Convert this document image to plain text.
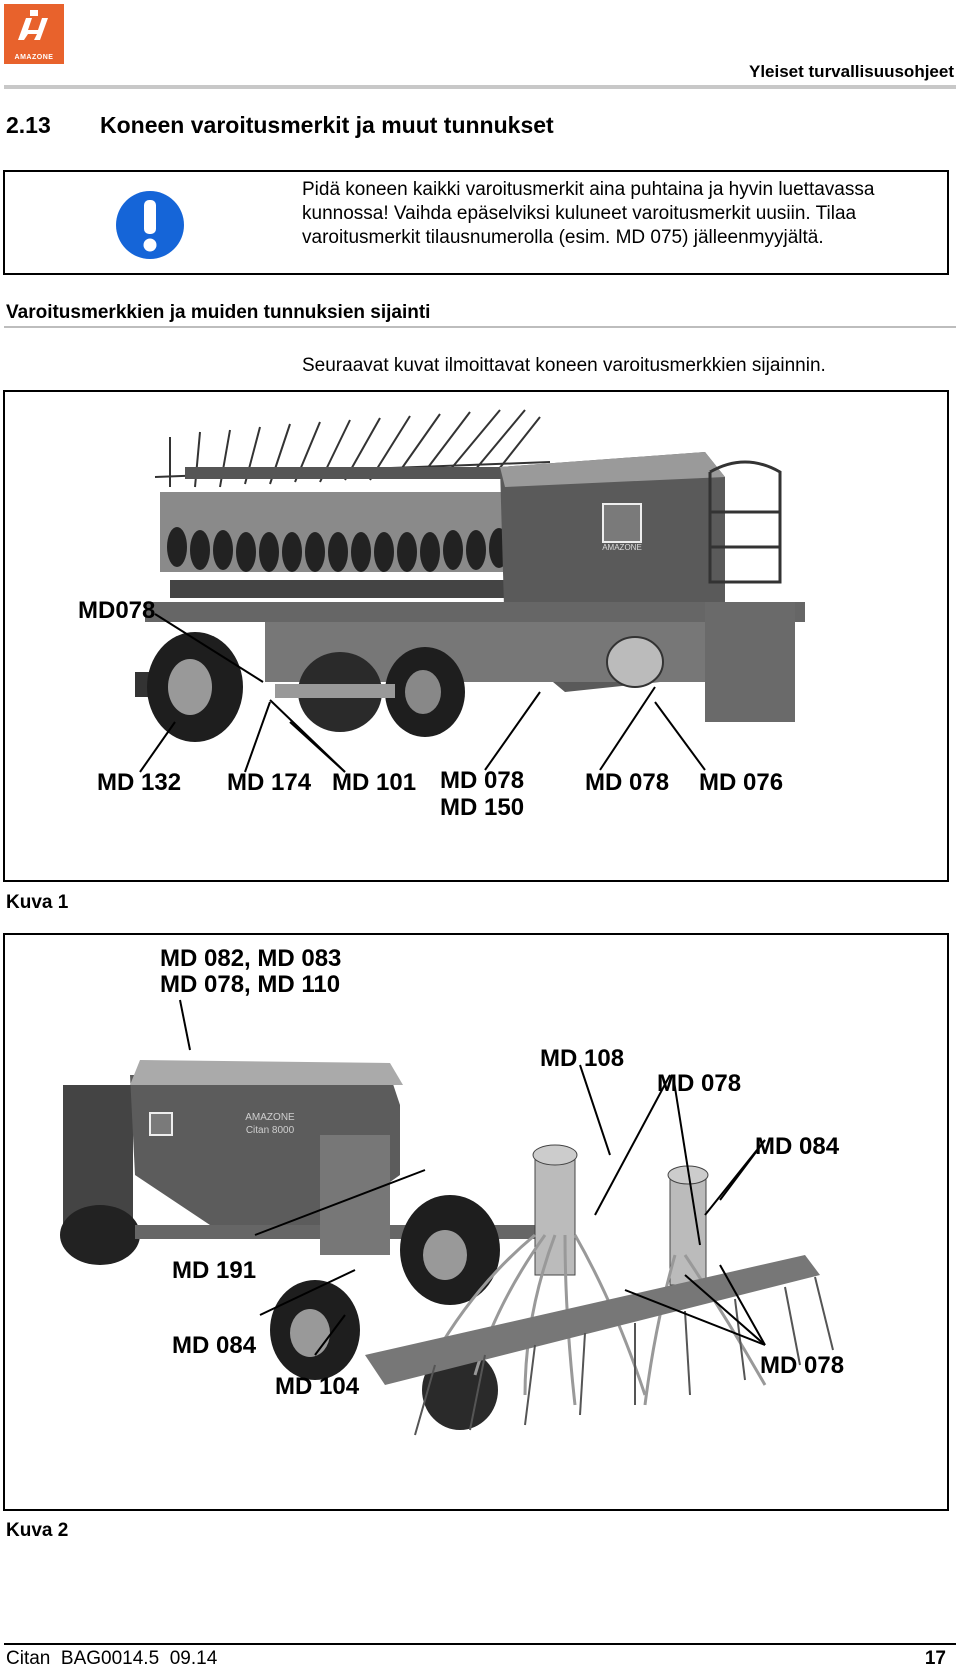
AMAZONE
Yleiset turvallisuusohjeet
2.13 Koneen varoitusmerkit ja muut tunnukset
Pidä koneen kaikki varoitusmerkit aina puhtaina ja hyvin luettavassa
kunnossa! Vaihda epäselviksi kuluneet varoitusmerkit uusiin. Tilaa
varoitusmerkit tilausnumerolla (esim. MD 075) jälleenmyyjältä.
Varoitusmerkkien ja muiden tunnuksien sijainti
Seuraavat kuvat ilmoittavat koneen varoitusmerkkien sijainnin.
AMAZONE
MD078
MD 132 MD 174 MD 101 MD 078
MD 150
MD 078 MD 076
Kuva 1
AMAZONE
Citan 8000
MD 082, MD 083
MD 078, MD 110
MD 108
MD 078
MD 084
MD 191
MD 084
MD 104
MD 078
Kuva 2
Citan  BAG0014.5  09.14	17
